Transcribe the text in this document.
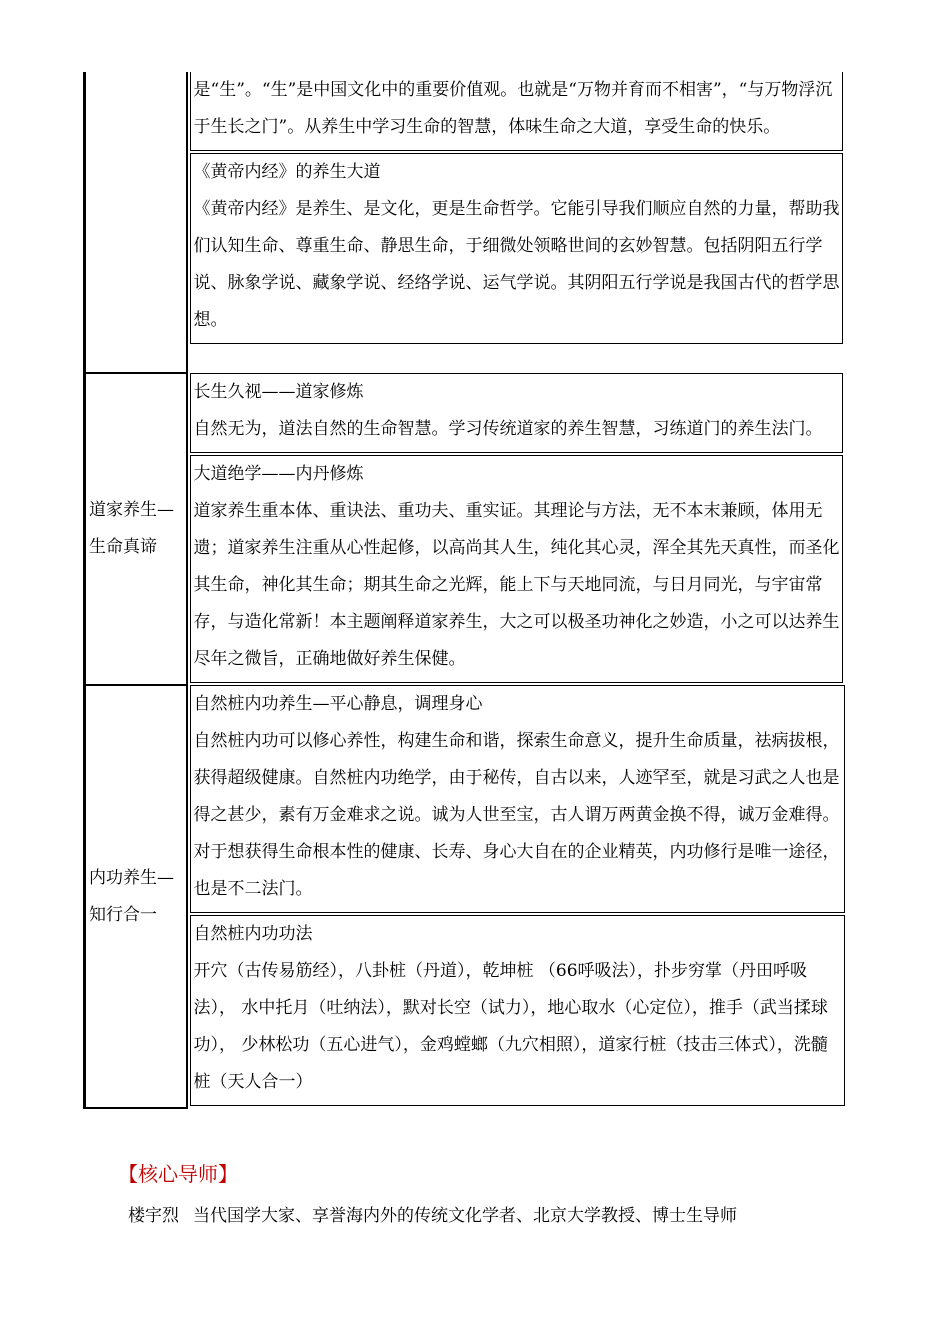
	是“生”。“生”是中国文化中的重要价值观。也就是“万物并育而不相害”，“与万物浮沉于生长之门”。从养生中学习生命的智慧，体味生命之大道，享受生命的快乐。

《黄帝内经》的养生大道

《黄帝内经》是养生、是文化，更是生命哲学。它能引导我们顺应自然的力量，帮助我们认知生命、尊重生命、静思生命，于细微处领略世间的玄妙智慧。包括阴阳五行学说、脉象学说、藏象学说、经络学说、运气学说。其阴阳五行学说是我国古代的哲学思想。

道家养生—生命真谛	长生久视——道家修炼

自然无为，道法自然的生命智慧。学习传统道家的养生智慧，习练道门的养生法门。

大道绝学——内丹修炼

道家养生重本体、重诀法、重功夫、重实证。其理论与方法，无不本末兼顾，体用无遗；道家养生注重从心性起修，以高尚其人生，纯化其心灵，浑全其先天真性，而圣化其生命，神化其生命；期其生命之光辉，能上下与天地同流，与日月同光，与宇宙常存，与造化常新！本主题阐释道家养生，大之可以极圣功神化之妙造，小之可以达养生尽年之微旨，正确地做好养生保健。

内功养生—知行合一	自然桩内功养生—平心静息，调理身心

自然桩内功可以修心养性，构建生命和谐，探索生命意义，提升生命质量，祛病拔根，获得超级健康。自然桩内功绝学，由于秘传，自古以来，人迹罕至，就是习武之人也是得之甚少，素有万金难求之说。诚为人世至宝，古人谓万两黄金换不得，诚万金难得。对于想获得生命根本性的健康、长寿、身心大自在的企业精英，内功修行是唯一途径，也是不二法门。

自然桩内功功法

开穴（古传易筋经），八卦桩（丹道），乾坤桩 （66呼吸法），扑步穷掌（丹田呼吸法）， 水中托月（吐纳法），默对长空（试力），地心取水（心定位），推手（武当揉球功）， 少林松功（五心进气），金鸡螳螂（九穴相照），道家行桩（技击三体式），洗髓桩（天人合一）

【核心导师】
楼宇烈 当代国学大家、享誉海内外的传统文化学者、北京大学教授、博士生导师
